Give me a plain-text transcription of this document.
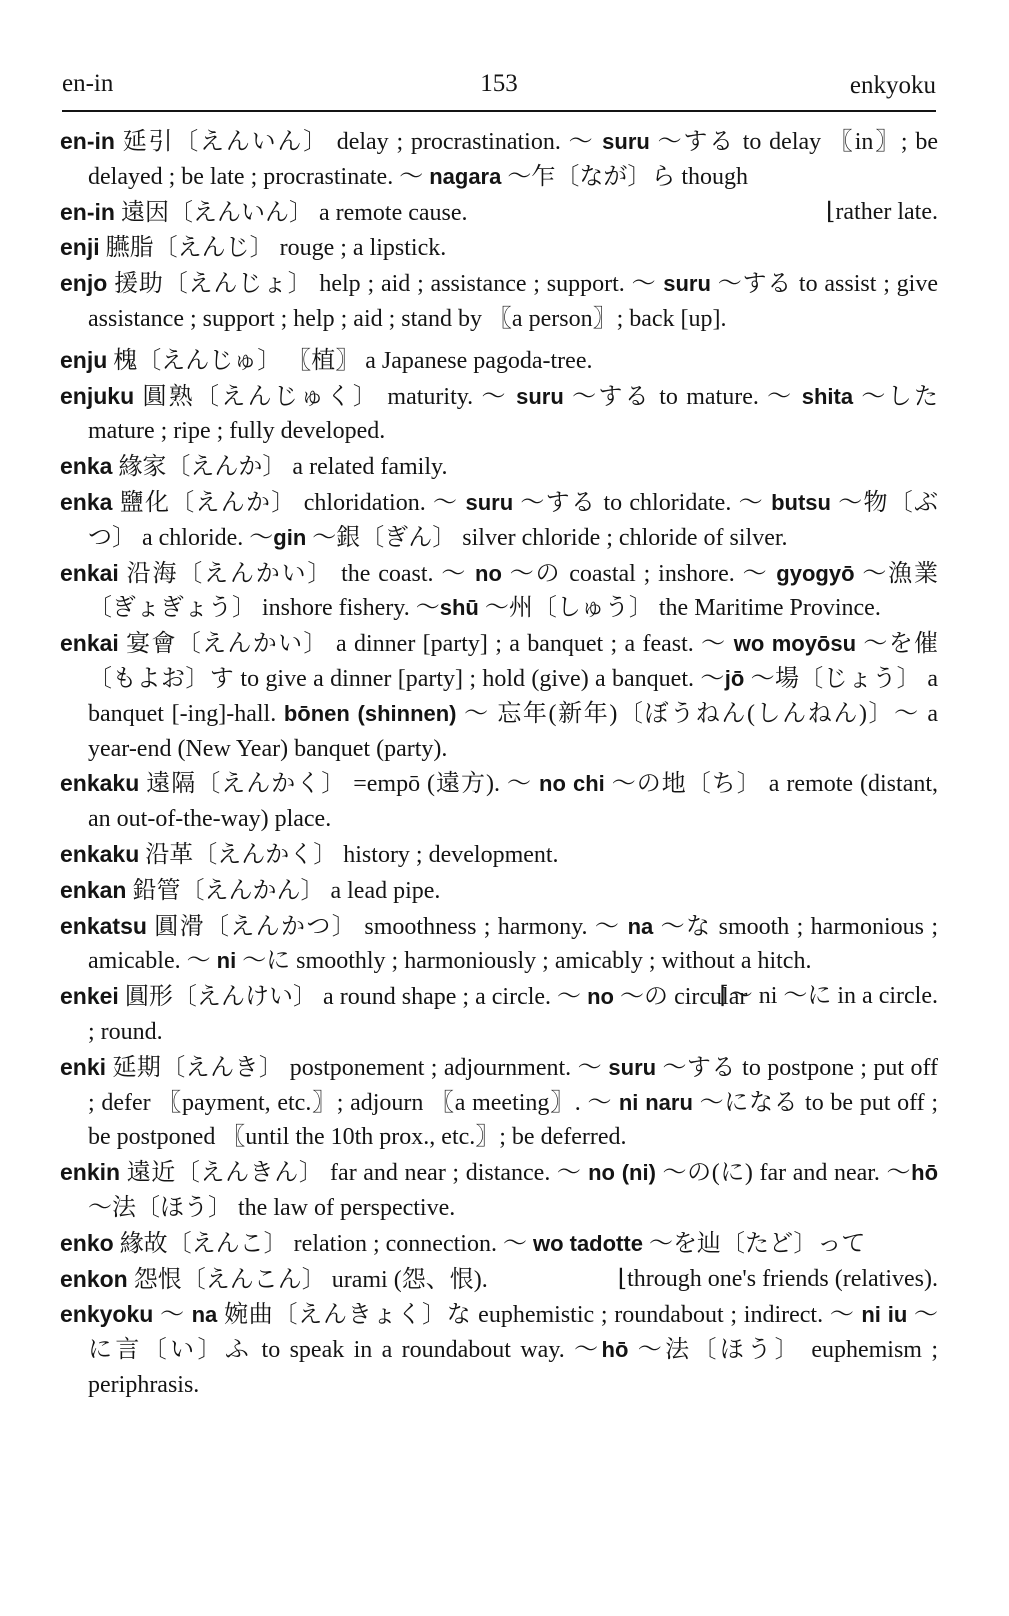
en-in	153	enkyoku

en-in 延引〔えんいん〕 delay ; procrastination. ～ suru ～する to delay 〖in〗; be delayed ; be late ; procrastinate. ～ nagara ～乍〔なが〕ら though

en-in 遠因〔えんいん〕 a remote cause.	⌊rather late.

enji 臙脂〔えんじ〕 rouge ; a lipstick.

enjo 援助〔えんじょ〕 help ; aid ; assistance ; support. ～ suru ～する to assist ; give assistance ; support ; help ; aid ; stand by 〖a person〗; back [up].

enju 槐〔えんじゅ〕 〖植〗 a Japanese pagoda-tree.

enjuku 圓熟〔えんじゅく〕 maturity. ～ suru ～する to mature. ～ shita ～した mature ; ripe ; fully developed.

enka 緣家〔えんか〕 a related family.

enka 鹽化〔えんか〕 chloridation. ～ suru ～する to chloridate. ～ butsu ～物〔ぶつ〕 a chloride. ～gin ～銀〔ぎん〕 silver chloride ; chloride of silver.

enkai 沿海〔えんかい〕 the coast. ～ no ～の coastal ; inshore. ～ gyogyō ～漁業〔ぎょぎょう〕 inshore fishery. ～shū ～州〔しゅう〕 the Maritime Province.

enkai 宴會〔えんかい〕 a dinner [party] ; a banquet ; a feast. ～ wo moyōsu ～を催〔もよお〕す to give a dinner [party] ; hold (give) a banquet. ～jō ～場〔じょう〕 a banquet [-ing]-hall. bōnen (shinnen) ～ 忘年(新年)〔ぼうねん(しんねん)〕～ a year-end (New Year) banquet (party).

enkaku 遠隔〔えんかく〕 =empō (遠方). ～ no chi ～の地〔ち〕 a remote (distant, an out-of-the-way) place.

enkaku 沿革〔えんかく〕 history ; development.

enkan 鉛管〔えんかん〕 a lead pipe.

enkatsu 圓滑〔えんかつ〕 smoothness ; harmony. ～ na ～な smooth ; harmonious ; amicable. ～ ni ～に smoothly ; harmoniously ; amicably ; without a hitch.
⌈～ ni ～に in a circle.

enkei 圓形〔えんけい〕 a round shape ; a circle. ～ no ～の circular ; round.

enki 延期〔えんき〕 postponement ; adjournment. ～ suru ～する to postpone ; put off ; defer 〖payment, etc.〗; adjourn 〖a meeting〗. ～ ni naru ～になる to be put off ; be postponed 〖until the 10th prox., etc.〗; be deferred.

enkin 遠近〔えんきん〕 far and near ; distance. ～ no (ni) ～の(に) far and near. ～hō ～法〔ほう〕 the law of perspective.

enko 緣故〔えんこ〕 relation ; connection. ～ wo tadotte ～を辿〔たど〕って

enkon 怨恨〔えんこん〕 urami (怨、恨).	⌊through one's friends (relatives).

enkyoku ～ na 婉曲〔えんきょく〕な euphemistic ; roundabout ; indirect. ～ ni iu ～に言〔い〕ふ to speak in a roundabout way. ～hō ～法〔ほう〕 euphemism ; periphrasis.
